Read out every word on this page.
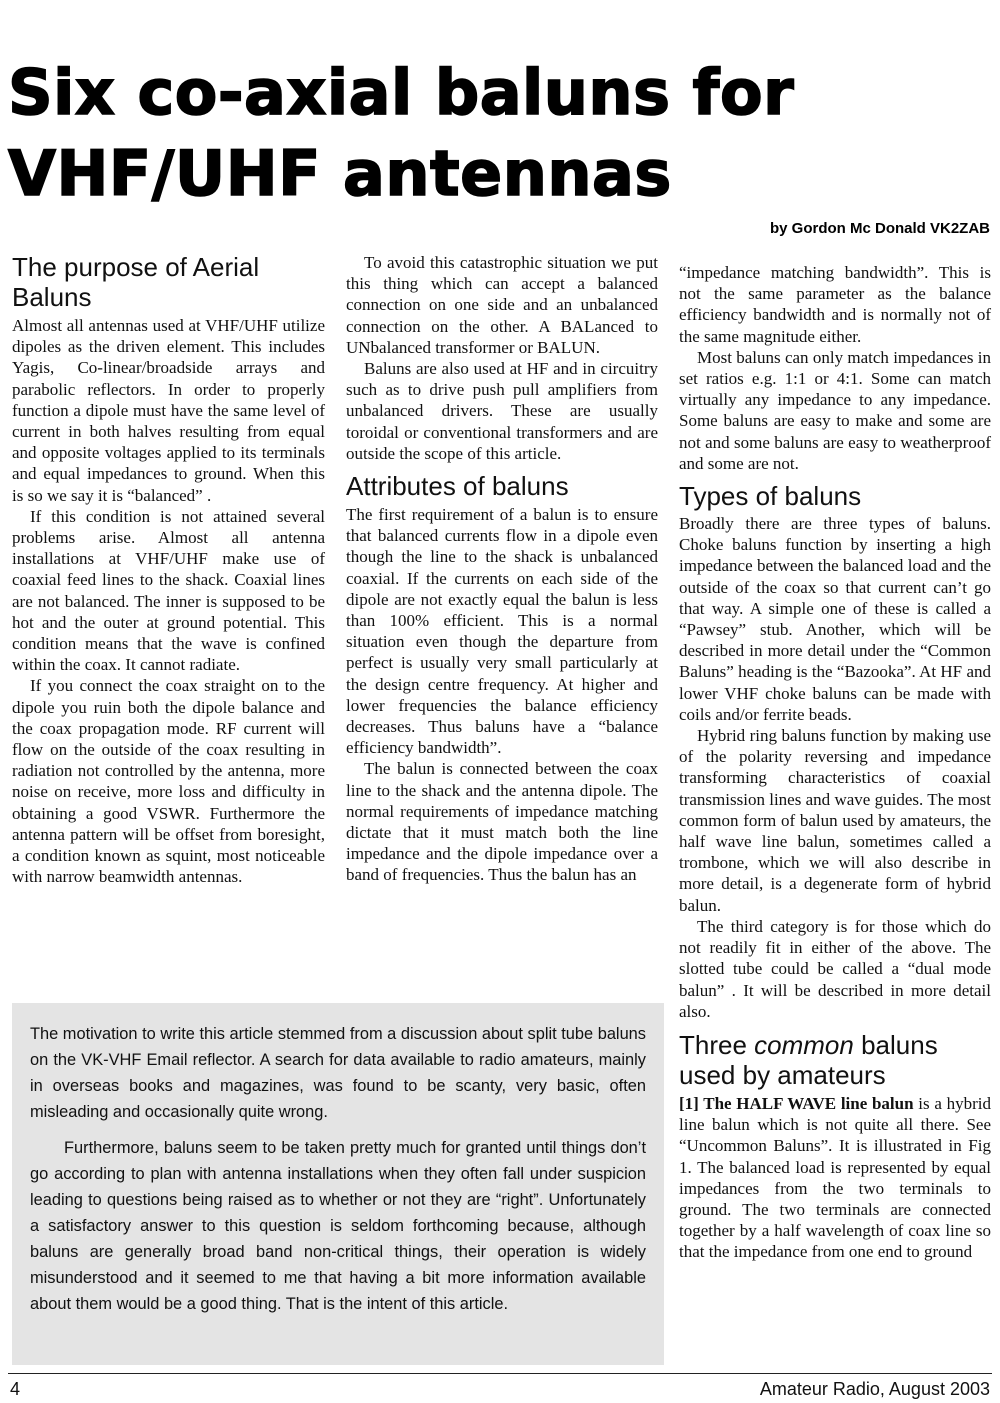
Six co-axial baluns for VHF/UHF antennas
by Gordon Mc Donald VK2ZAB
The purpose of Aerial Baluns

Almost all antennas used at VHF/UHF utilize dipoles as the driven element. This includes Yagis, Co-linear/broadside arrays and parabolic reflectors. In order to properly function a dipole must have the same level of current in both halves resulting from equal and opposite voltages applied to its terminals and equal impedances to ground. When this is so we say it is “balanced” .

If this condition is not attained several problems arise. Almost all antenna installations at VHF/UHF make use of coaxial feed lines to the shack. Coaxial lines are not balanced. The inner is supposed to be hot and the outer at ground potential. This condition means that the wave is confined within the coax. It cannot radiate.

If you connect the coax straight on to the dipole you ruin both the dipole balance and the coax propagation mode. RF current will flow on the outside of the coax resulting in radiation not controlled by the antenna, more noise on receive, more loss and difficulty in obtaining a good VSWR. Furthermore the antenna pattern will be offset from boresight, a condition known as squint, most noticeable with narrow beamwidth antennas.

To avoid this catastrophic situation we put this thing which can accept a balanced connection on one side and an unbalanced connection on the other. A BALanced to UNbalanced transformer or BALUN.

Baluns are also used at HF and in circuitry such as to drive push pull amplifiers from unbalanced drivers. These are usually toroidal or conventional transformers and are outside the scope of this article.

Attributes of baluns

The first requirement of a balun is to ensure that balanced currents flow in a dipole even though the line to the shack is unbalanced coaxial. If the currents on each side of the dipole are not exactly equal the balun is less than 100% efficient. This is a normal situation even though the departure from perfect is usually very small particularly at the design centre frequency. At higher and lower frequencies the balance efficiency decreases. Thus baluns have a “balance efficiency bandwidth”.

The balun is connected between the coax line to the shack and the antenna dipole. The normal requirements of impedance matching dictate that it must match both the line impedance and the dipole impedance over a band of frequencies. Thus the balun has an

“impedance matching bandwidth”. This is not the same parameter as the balance efficiency bandwidth and is normally not of the same magnitude either.

Most baluns can only match impedances in set ratios e.g. 1:1 or 4:1. Some can match virtually any impedance to any impedance. Some baluns are easy to make and some are not and some baluns are easy to weatherproof and some are not.

Types of baluns

Broadly there are three types of baluns. Choke baluns function by inserting a high impedance between the balanced load and the outside of the coax so that current can’t go that way. A simple one of these is called a “Pawsey” stub. Another, which will be described in more detail under the “Common Baluns” heading is the “Bazooka”. At HF and lower VHF choke baluns can be made with coils and/or ferrite beads.

Hybrid ring baluns function by making use of the polarity reversing and impedance transforming characteristics of coaxial transmission lines and wave guides. The most common form of balun used by amateurs, the half wave line balun, sometimes called a trombone, which we will also describe in more detail, is a degenerate form of hybrid balun.

The third category is for those which do not readily fit in either of the above. The slotted tube could be called a “dual mode balun” . It will be described in more detail also.

Three common baluns used by amateurs

[1] The HALF WAVE line balun is a hybrid line balun which is not quite all there. See “Uncommon Baluns”. It is illustrated in Fig 1. The balanced load is represented by equal impedances from the two terminals to ground. The two terminals are connected together by a half wavelength of coax line so that the impedance from one end to ground

The motivation to write this article stemmed from a discussion about split tube baluns on the VK-VHF Email reflector. A search for data available to radio amateurs, mainly in overseas books and magazines, was found to be scanty, very basic, often misleading and occasionally quite wrong.

Furthermore, baluns seem to be taken pretty much for granted until things don’t go according to plan with antenna installations when they often fall under suspicion leading to questions being raised as to whether or not they are “right”. Unfortunately a satisfactory answer to this question is seldom forthcoming because, although baluns are generally broad band non-critical things, their operation is widely misunderstood and it seemed to me that having a bit more information available about them would be a good thing. That is the intent of this article.

4	Amateur Radio, August 2003
